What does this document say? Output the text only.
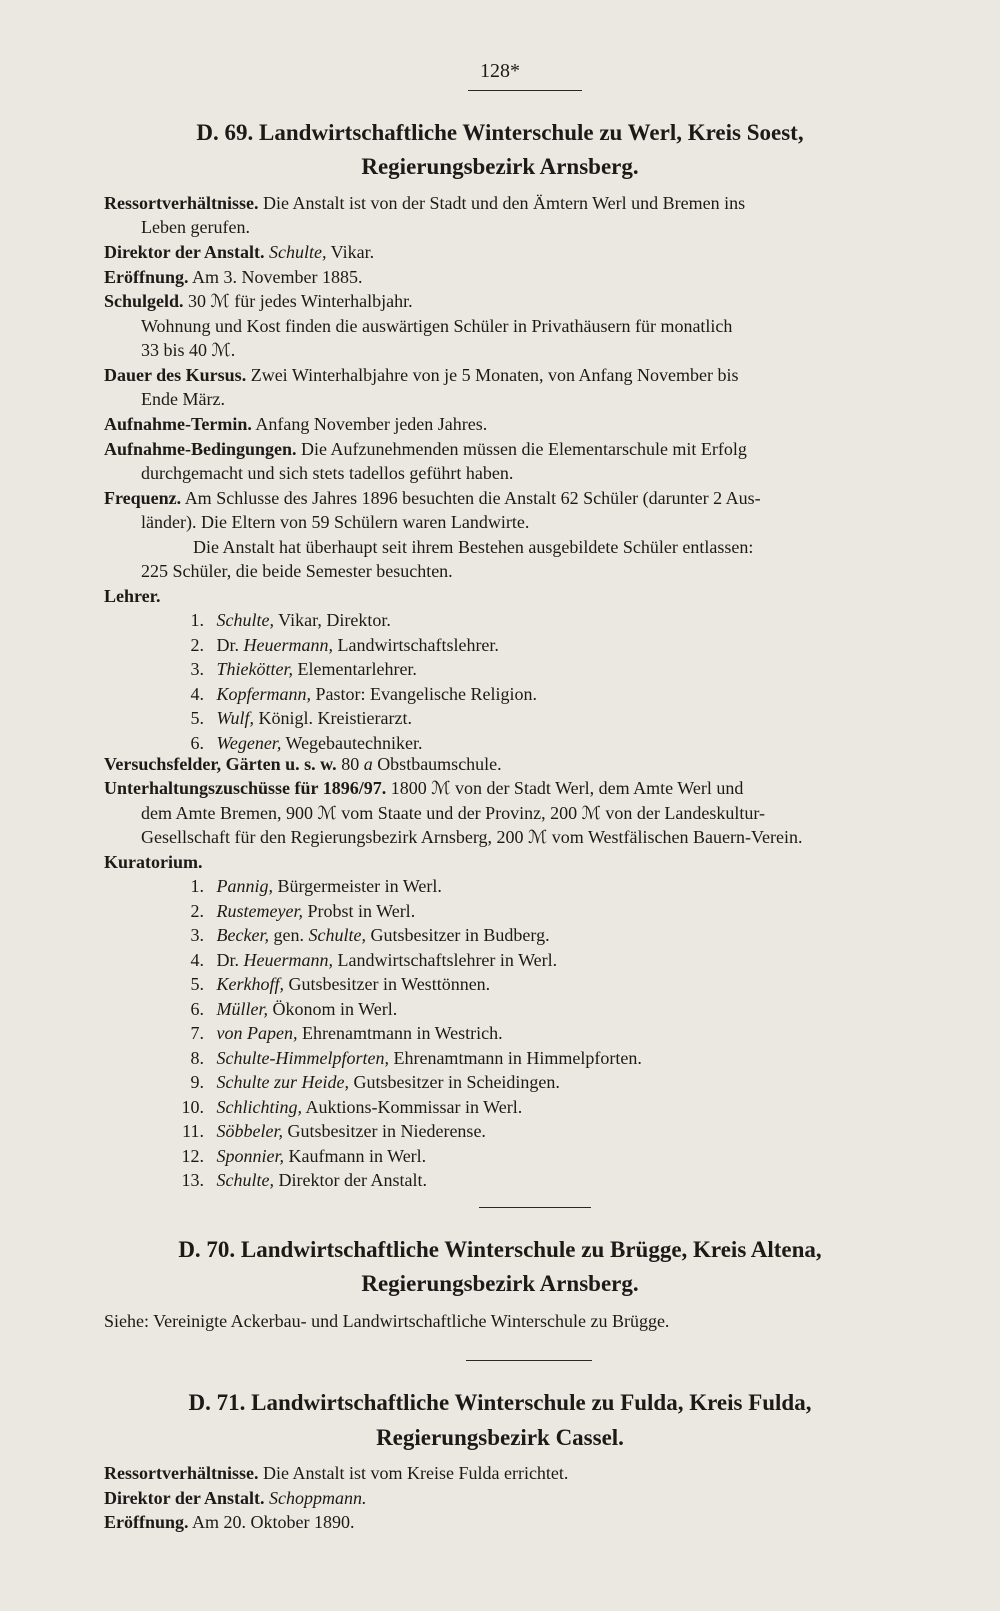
128*
D. 69. Landwirtschaftliche Winterschule zu Werl, Kreis Soest,
Regierungsbezirk Arnsberg.
Ressortverhältnisse. Die Anstalt ist von der Stadt und den Ämtern Werl und Bremen ins
Leben gerufen.
Direktor der Anstalt. Schulte, Vikar.
Eröffnung. Am 3. November 1885.
Schulgeld. 30 ℳ für jedes Winterhalbjahr.
Wohnung und Kost finden die auswärtigen Schüler in Privathäusern für monatlich
33 bis 40 ℳ.
Dauer des Kursus. Zwei Winterhalbjahre von je 5 Monaten, von Anfang November bis
Ende März.
Aufnahme-Termin. Anfang November jeden Jahres.
Aufnahme-Bedingungen. Die Aufzunehmenden müssen die Elementarschule mit Erfolg
durchgemacht und sich stets tadellos geführt haben.
Frequenz. Am Schlusse des Jahres 1896 besuchten die Anstalt 62 Schüler (darunter 2 Aus-
länder). Die Eltern von 59 Schülern waren Landwirte.
Die Anstalt hat überhaupt seit ihrem Bestehen ausgebildete Schüler entlassen:
225 Schüler, die beide Semester besuchten.
Lehrer.
1. Schulte, Vikar, Direktor.
2. Dr. Heuermann, Landwirtschaftslehrer.
3. Thiekötter, Elementarlehrer.
4. Kopfermann, Pastor: Evangelische Religion.
5. Wulf, Königl. Kreistierarzt.
6. Wegener, Wegebautechniker.
Versuchsfelder, Gärten u. s. w. 80 a Obstbaumschule.
Unterhaltungszuschüsse für 1896/97. 1800 ℳ von der Stadt Werl, dem Amte Werl und
dem Amte Bremen, 900 ℳ vom Staate und der Provinz, 200 ℳ von der Landeskultur-
Gesellschaft für den Regierungsbezirk Arnsberg, 200 ℳ vom Westfälischen Bauern-Verein.
Kuratorium.
1. Pannig, Bürgermeister in Werl.
2. Rustemeyer, Probst in Werl.
3. Becker, gen. Schulte, Gutsbesitzer in Budberg.
4. Dr. Heuermann, Landwirtschaftslehrer in Werl.
5. Kerkhoff, Gutsbesitzer in Westtönnen.
6. Müller, Ökonom in Werl.
7. von Papen, Ehrenamtmann in Westrich.
8. Schulte-Himmelpforten, Ehrenamtmann in Himmelpforten.
9. Schulte zur Heide, Gutsbesitzer in Scheidingen.
10. Schlichting, Auktions-Kommissar in Werl.
11. Söbbeler, Gutsbesitzer in Niederense.
12. Sponnier, Kaufmann in Werl.
13. Schulte, Direktor der Anstalt.
D. 70. Landwirtschaftliche Winterschule zu Brügge, Kreis Altena,
Regierungsbezirk Arnsberg.
Siehe: Vereinigte Ackerbau- und Landwirtschaftliche Winterschule zu Brügge.
D. 71. Landwirtschaftliche Winterschule zu Fulda, Kreis Fulda,
Regierungsbezirk Cassel.
Ressortverhältnisse. Die Anstalt ist vom Kreise Fulda errichtet.
Direktor der Anstalt. Schoppmann.
Eröffnung. Am 20. Oktober 1890.
